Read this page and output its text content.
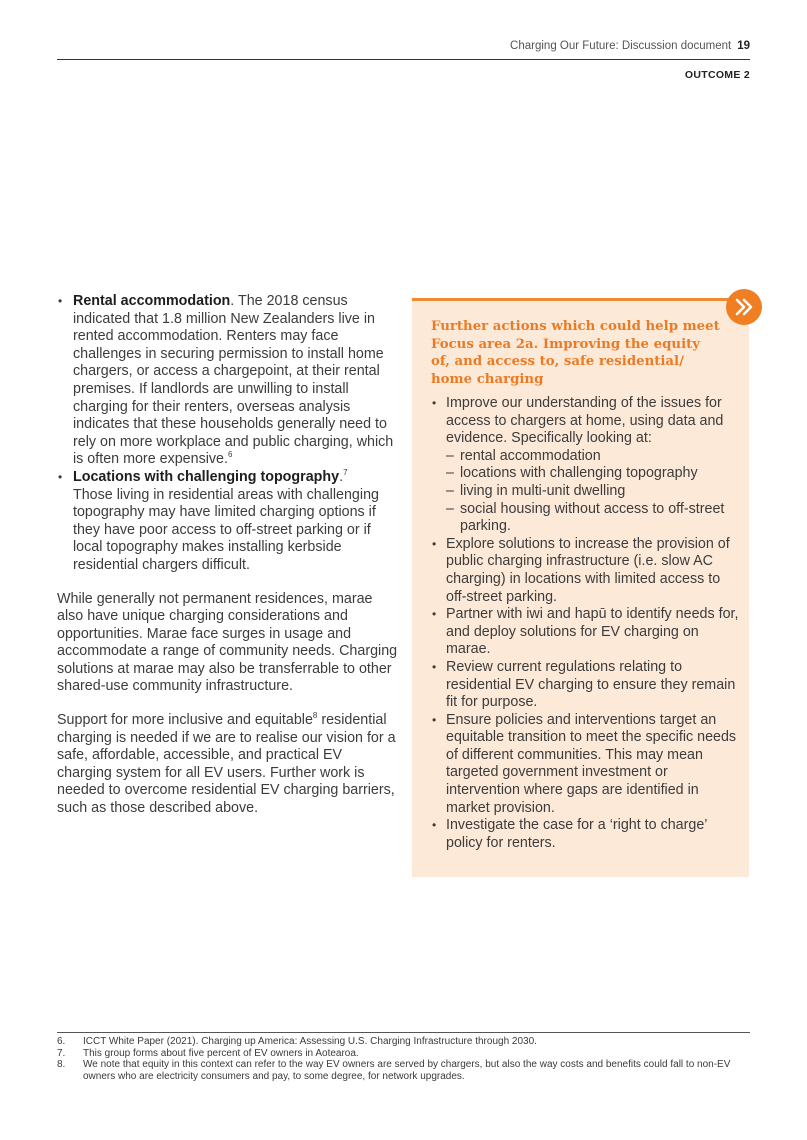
Charging Our Future: Discussion document 19
OUTCOME 2
• Rental accommodation. The 2018 census indicated that 1.8 million New Zealanders live in rented accommodation. Renters may face challenges in securing permission to install home chargers, or access a chargepoint, at their rental premises. If landlords are unwilling to install charging for their renters, overseas analysis indicates that these households generally need to rely on more workplace and public charging, which is often more expensive.$^6$
• Locations with challenging topography.$^7$
Those living in residential areas with challenging topography may have limited charging options if they have poor access to off-street parking or if local topography makes installing kerbside residential chargers difficult.

While generally not permanent residences, marae also have unique charging considerations and opportunities. Marae face surges in usage and accommodate a range of community needs. Charging solutions at marae may also be transferrable to other shared-use community infrastructure.

Support for more inclusive and equitable$^8$ residential charging is needed if we are to realise our vision for a safe, affordable, accessible, and practical EV charging system for all EV users. Further work is needed to overcome residential EV charging barriers, such as those described above.

Further actions which could help meet Focus area 2a. Improving the equity of, and access to, safe residential/ home charging
• Improve our understanding of the issues for access to chargers at home, using data and evidence. Specifically looking at:
– rental accommodation
– locations with challenging topography
– living in multi-unit dwelling
– social housing without access to off-street parking.
• Explore solutions to increase the provision of public charging infrastructure (i.e. slow AC charging) in locations with limited access to off-street parking.
• Partner with iwi and hapū to identify needs for, and deploy solutions for EV charging on marae.
• Review current regulations relating to residential EV charging to ensure they remain fit for purpose.
• Ensure policies and interventions target an equitable transition to meet the specific needs of different communities. This may mean targeted government investment or intervention where gaps are identified in market provision.
• Investigate the case for a ‘right to charge’ policy for renters.
6. ICCT White Paper (2021). Charging up America: Assessing U.S. Charging Infrastructure through 2030.
7. This group forms about five percent of EV owners in Aotearoa.
8. We note that equity in this context can refer to the way EV owners are served by chargers, but also the way costs and benefits could fall to non-EV owners who are electricity consumers and pay, to some degree, for network upgrades.
